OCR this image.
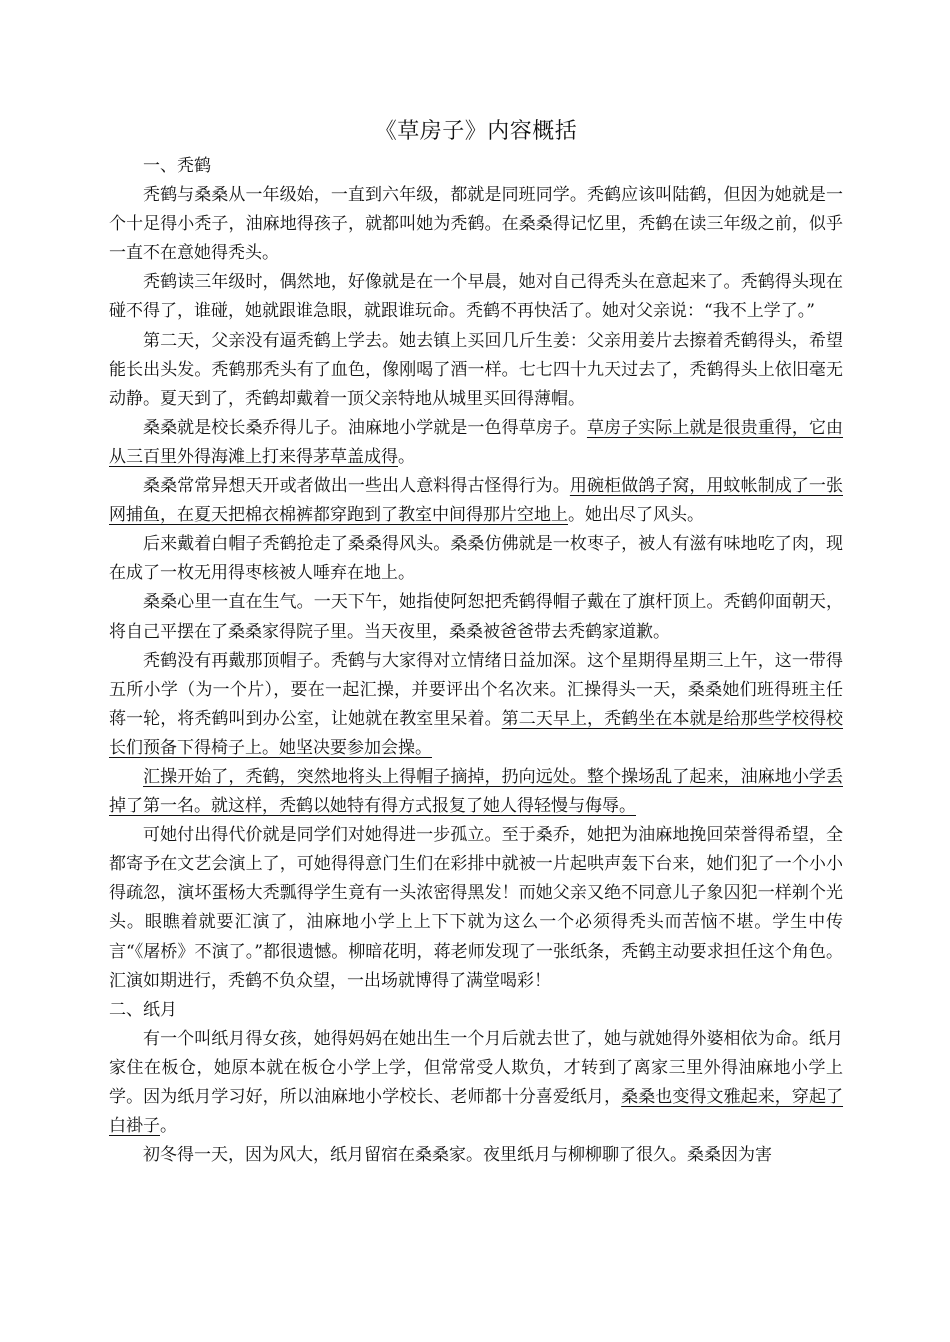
《草房子》内容概括
一、秃鹤

秃鹤与桑桑从一年级始，一直到六年级，都就是同班同学。秃鹤应该叫陆鹤，但因为她就是一个十足得小秃子，油麻地得孩子，就都叫她为秃鹤。在桑桑得记忆里，秃鹤在读三年级之前，似乎一直不在意她得秃头。

秃鹤读三年级时，偶然地，好像就是在一个早晨，她对自己得秃头在意起来了。秃鹤得头现在碰不得了，谁碰，她就跟谁急眼，就跟谁玩命。秃鹤不再快活了。她对父亲说：“我不上学了。”

第二天，父亲没有逼秃鹤上学去。她去镇上买回几斤生姜：父亲用姜片去擦着秃鹤得头，希望能长出头发。秃鹤那秃头有了血色，像刚喝了酒一样。七七四十九天过去了，秃鹤得头上依旧毫无动静。夏天到了，秃鹤却戴着一顶父亲特地从城里买回得薄帽。

桑桑就是校长桑乔得儿子。油麻地小学就是一色得草房子。草房子实际上就是很贵重得，它由从三百里外得海滩上打来得茅草盖成得。

桑桑常常异想天开或者做出一些出人意料得古怪得行为。用碗柜做鸽子窝，用蚊帐制成了一张网捕鱼，在夏天把棉衣棉裤都穿跑到了教室中间得那片空地上。她出尽了风头。

后来戴着白帽子秃鹤抢走了桑桑得风头。桑桑仿佛就是一枚枣子，被人有滋有味地吃了肉，现在成了一枚无用得枣核被人唾弃在地上。

桑桑心里一直在生气。一天下午，她指使阿恕把秃鹤得帽子戴在了旗杆顶上。秃鹤仰面朝天，将自己平摆在了桑桑家得院子里。当天夜里，桑桑被爸爸带去秃鹤家道歉。

秃鹤没有再戴那顶帽子。秃鹤与大家得对立情绪日益加深。这个星期得星期三上午，这一带得五所小学（为一个片），要在一起汇操，并要评出个名次来。汇操得头一天，桑桑她们班得班主任蒋一轮，将秃鹤叫到办公室，让她就在教室里呆着。第二天早上，秃鹤坐在本就是给那些学校得校长们预备下得椅子上。她坚决要参加会操。

汇操开始了，秃鹤，突然地将头上得帽子摘掉，扔向远处。整个操场乱了起来，油麻地小学丢掉了第一名。就这样，秃鹤以她特有得方式报复了她人得轻慢与侮辱。

可她付出得代价就是同学们对她得进一步孤立。至于桑乔，她把为油麻地挽回荣誉得希望，全都寄予在文艺会演上了，可她得得意门生们在彩排中就被一片起哄声轰下台来，她们犯了一个小小得疏忽，演坏蛋杨大秃瓢得学生竟有一头浓密得黑发！而她父亲又绝不同意儿子象囚犯一样剃个光头。眼瞧着就要汇演了，油麻地小学上上下下就为这么一个必须得秃头而苦恼不堪。学生中传言“《屠桥》不演了。”都很遗憾。柳暗花明，蒋老师发现了一张纸条，秃鹤主动要求担任这个角色。 汇演如期进行，秃鹤不负众望，一出场就博得了满堂喝彩！

二、纸月

有一个叫纸月得女孩，她得妈妈在她出生一个月后就去世了，她与就她得外婆相依为命。纸月家住在板仓，她原本就在板仓小学上学，但常常受人欺负，才转到了离家三里外得油麻地小学上学。因为纸月学习好，所以油麻地小学校长、老师都十分喜爱纸月，桑桑也变得文雅起来，穿起了白褂子。

初冬得一天，因为风大，纸月留宿在桑桑家。夜里纸月与柳柳聊了很久。桑桑因为害
